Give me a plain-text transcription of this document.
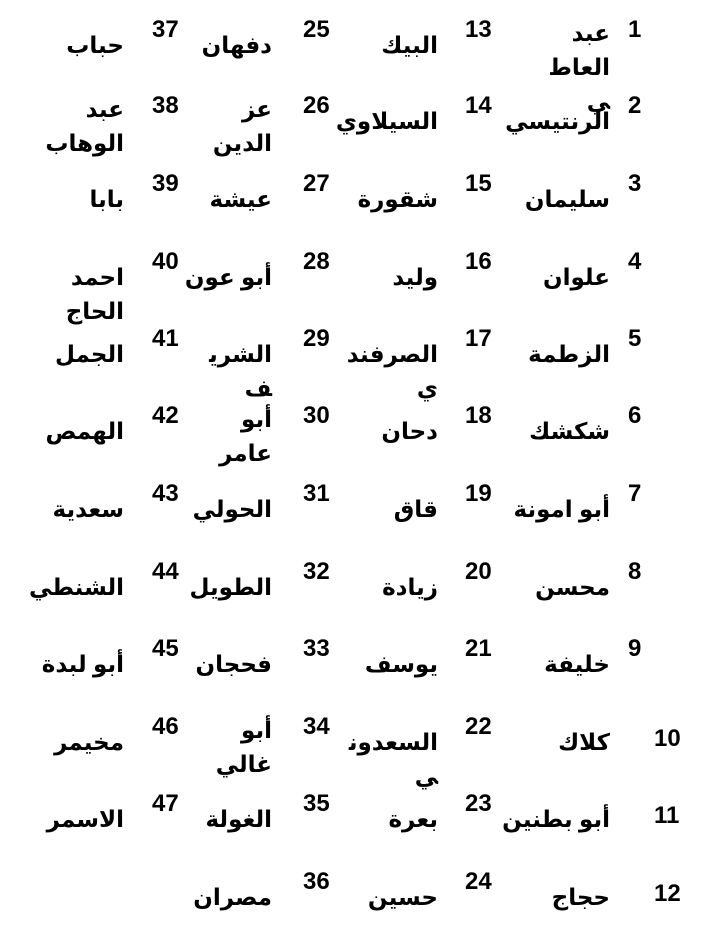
1
عبد العاطي 2
الرنتيسي
3
سليمان
4
علوان
5
الزطمة
6
شكشك
7
أبو امونة
8
محسن
9
خليفة
10
كلاك
11
أبو بطنين
12
حجاج
13
البيك
14
السيلاوي
15
شقورة
16
وليد
17
الصرفندي
18
دحان
19
قاق
20
زيادة
21
يوسف
22
السعدوني
23
بعرة
24
حسين
25
دفهان
26
عز الدين
27
عيشة
28
أبو عون
29
الشريف
30
أبو عامر
31
الحولي
32
الطويل
33
فحجان
34
أبو غالي
35
الغولة
36
مصران
37
حباب
38
عبد الوهاب
39
بابا
40
احمد الحاج
41
الجمل
42
الهمص
43
سعدية
44
الشنطي
45
أبو لبدة
46
مخيمر
47
الاسمر
